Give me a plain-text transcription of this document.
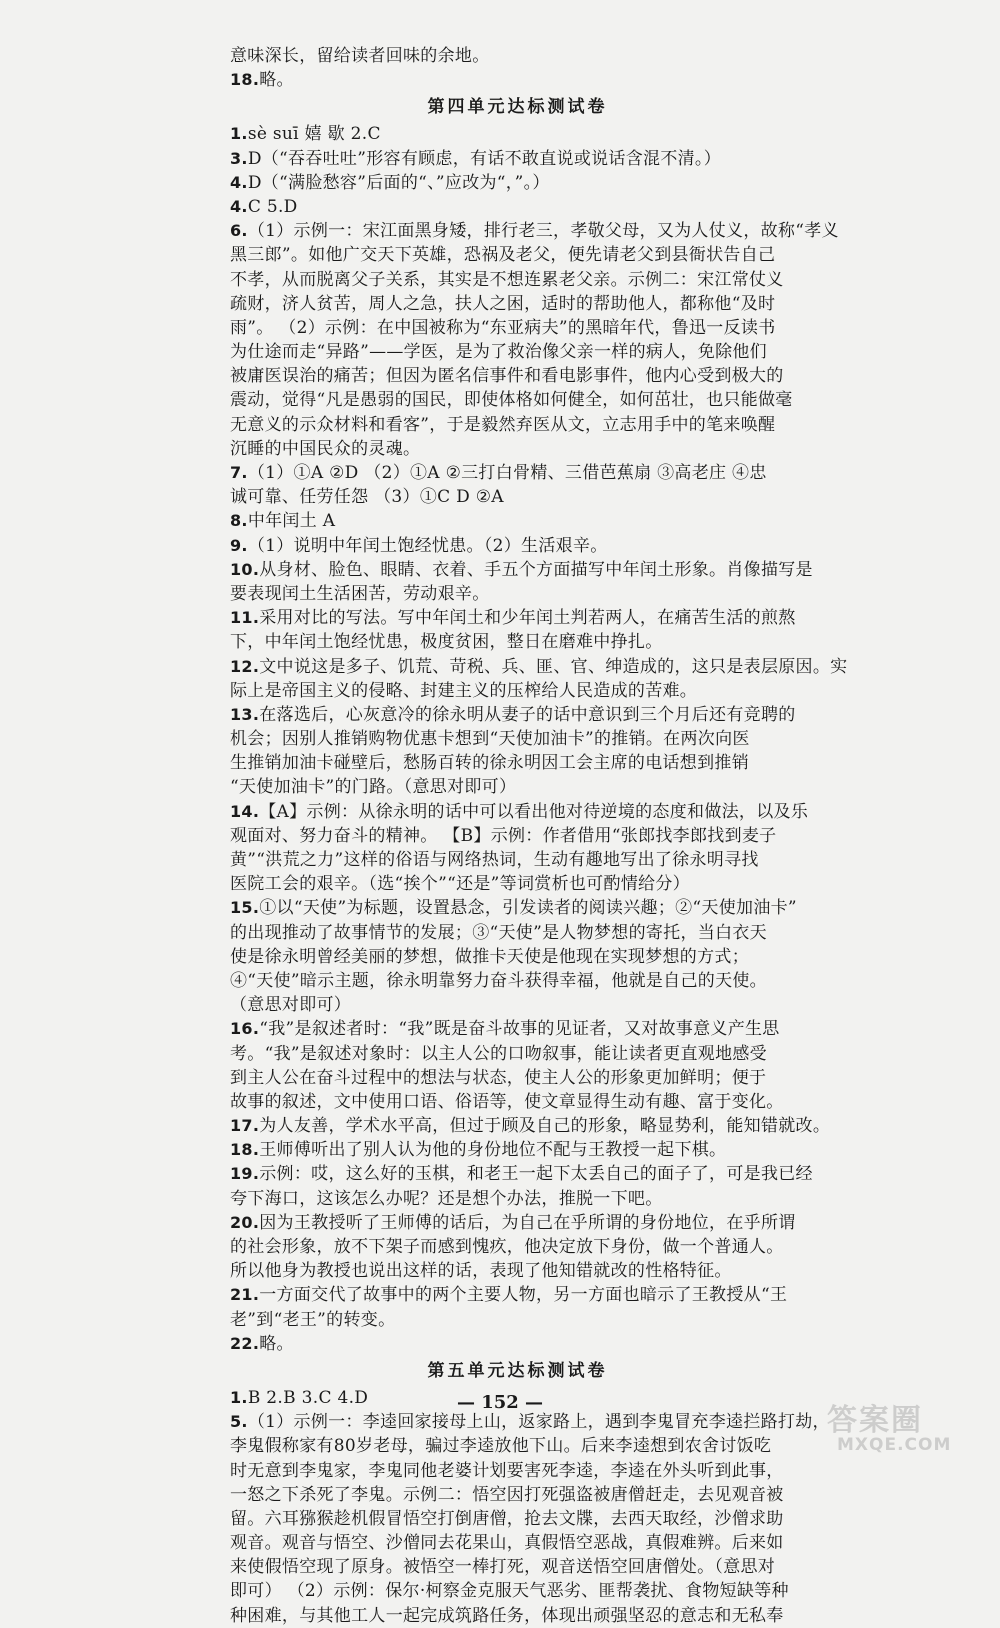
意味深长，留给读者回味的余地。
18.略。
第四单元达标测试卷
1.sè suī 嬉 歇 2.C
3.D（“吞吞吐吐”形容有顾虑，有话不敢直说或说话含混不清。）
4.D（“满脸愁容”后面的“、”应改为“，”。）
4.C 5.D
6.（1）示例一：宋江面黑身矮，排行老三，孝敬父母，又为人仗义，故称“孝义
黑三郎”。如他广交天下英雄，恐祸及老父，便先请老父到县衙状告自己
不孝，从而脱离父子关系，其实是不想连累老父亲。示例二：宋江常仗义
疏财，济人贫苦，周人之急，扶人之困，适时的帮助他人，都称他“及时
雨”。 （2）示例：在中国被称为“东亚病夫”的黑暗年代，鲁迅一反读书
为仕途而走“异路”——学医，是为了救治像父亲一样的病人，免除他们
被庸医误治的痛苦；但因为匿名信事件和看电影事件，他内心受到极大的
震动，觉得“凡是愚弱的国民，即使体格如何健全，如何茁壮，也只能做毫
无意义的示众材料和看客”，于是毅然弃医从文，立志用手中的笔来唤醒
沉睡的中国民众的灵魂。
7.（1）①A ②D （2）①A ②三打白骨精、三借芭蕉扇 ③高老庄 ④忠
诚可靠、任劳任怨 （3）①C D ②A
8.中年闰土 A
9.（1）说明中年闰土饱经忧患。（2）生活艰辛。
10.从身材、脸色、眼睛、衣着、手五个方面描写中年闰土形象。肖像描写是
要表现闰土生活困苦，劳动艰辛。
11.采用对比的写法。写中年闰土和少年闰土判若两人，在痛苦生活的煎熬
下，中年闰土饱经忧患，极度贫困，整日在磨难中挣扎。
12.文中说这是多子、饥荒、苛税、兵、匪、官、绅造成的，这只是表层原因。实
际上是帝国主义的侵略、封建主义的压榨给人民造成的苦难。
13.在落选后，心灰意冷的徐永明从妻子的话中意识到三个月后还有竞聘的
机会；因别人推销购物优惠卡想到“天使加油卡”的推销。在两次向医
生推销加油卡碰壁后，愁肠百转的徐永明因工会主席的电话想到推销
“天使加油卡”的门路。（意思对即可）
14.【A】示例：从徐永明的话中可以看出他对待逆境的态度和做法，以及乐
观面对、努力奋斗的精神。 【B】示例：作者借用“张郎找李郎找到麦子
黄”“洪荒之力”这样的俗语与网络热词，生动有趣地写出了徐永明寻找
医院工会的艰辛。（选“挨个”“还是”等词赏析也可酌情给分）
15.①以“天使”为标题，设置悬念，引发读者的阅读兴趣；②“天使加油卡”
的出现推动了故事情节的发展；③“天使”是人物梦想的寄托，当白衣天
使是徐永明曾经美丽的梦想，做推卡天使是他现在实现梦想的方式；
④“天使”暗示主题，徐永明靠努力奋斗获得幸福，他就是自己的天使。
（意思对即可）
16.“我”是叙述者时：“我”既是奋斗故事的见证者，又对故事意义产生思
考。“我”是叙述对象时：以主人公的口吻叙事，能让读者更直观地感受
到主人公在奋斗过程中的想法与状态，使主人公的形象更加鲜明；便于
故事的叙述，文中使用口语、俗语等，使文章显得生动有趣、富于变化。
17.为人友善，学术水平高，但过于顾及自己的形象，略显势利，能知错就改。
18.王师傅听出了别人认为他的身份地位不配与王教授一起下棋。
19.示例：哎，这么好的玉棋，和老王一起下太丢自己的面子了，可是我已经
夸下海口，这该怎么办呢？还是想个办法，推脱一下吧。
20.因为王教授听了王师傅的话后，为自己在乎所谓的身份地位，在乎所谓
的社会形象，放不下架子而感到愧疚，他决定放下身份，做一个普通人。
所以他身为教授也说出这样的话，表现了他知错就改的性格特征。
21.一方面交代了故事中的两个主要人物，另一方面也暗示了王教授从“王
老”到“老王”的转变。
22.略。
第五单元达标测试卷
1.B 2.B 3.C 4.D
5.（1）示例一：李逵回家接母上山，返家路上，遇到李鬼冒充李逵拦路打劫，
李鬼假称家有80岁老母，骗过李逵放他下山。后来李逵想到农舍讨饭吃
时无意到李鬼家，李鬼同他老婆计划要害死李逵，李逵在外头听到此事，
一怒之下杀死了李鬼。示例二：悟空因打死强盗被唐僧赶走，去见观音被
留。六耳猕猴趁机假冒悟空打倒唐僧，抢去文牒，去西天取经，沙僧求助
观音。观音与悟空、沙僧同去花果山，真假悟空恶战，真假难辨。后来如
来使假悟空现了原身。被悟空一棒打死，观音送悟空回唐僧处。（意思对
即可） （2）示例：保尔·柯察金克服天气恶劣、匪帮袭扰、食物短缺等种
种困难，与其他工人一起完成筑路任务，体现出顽强坚忍的意志和无私奉
— 152 —
答案圈
MXQE.COM
